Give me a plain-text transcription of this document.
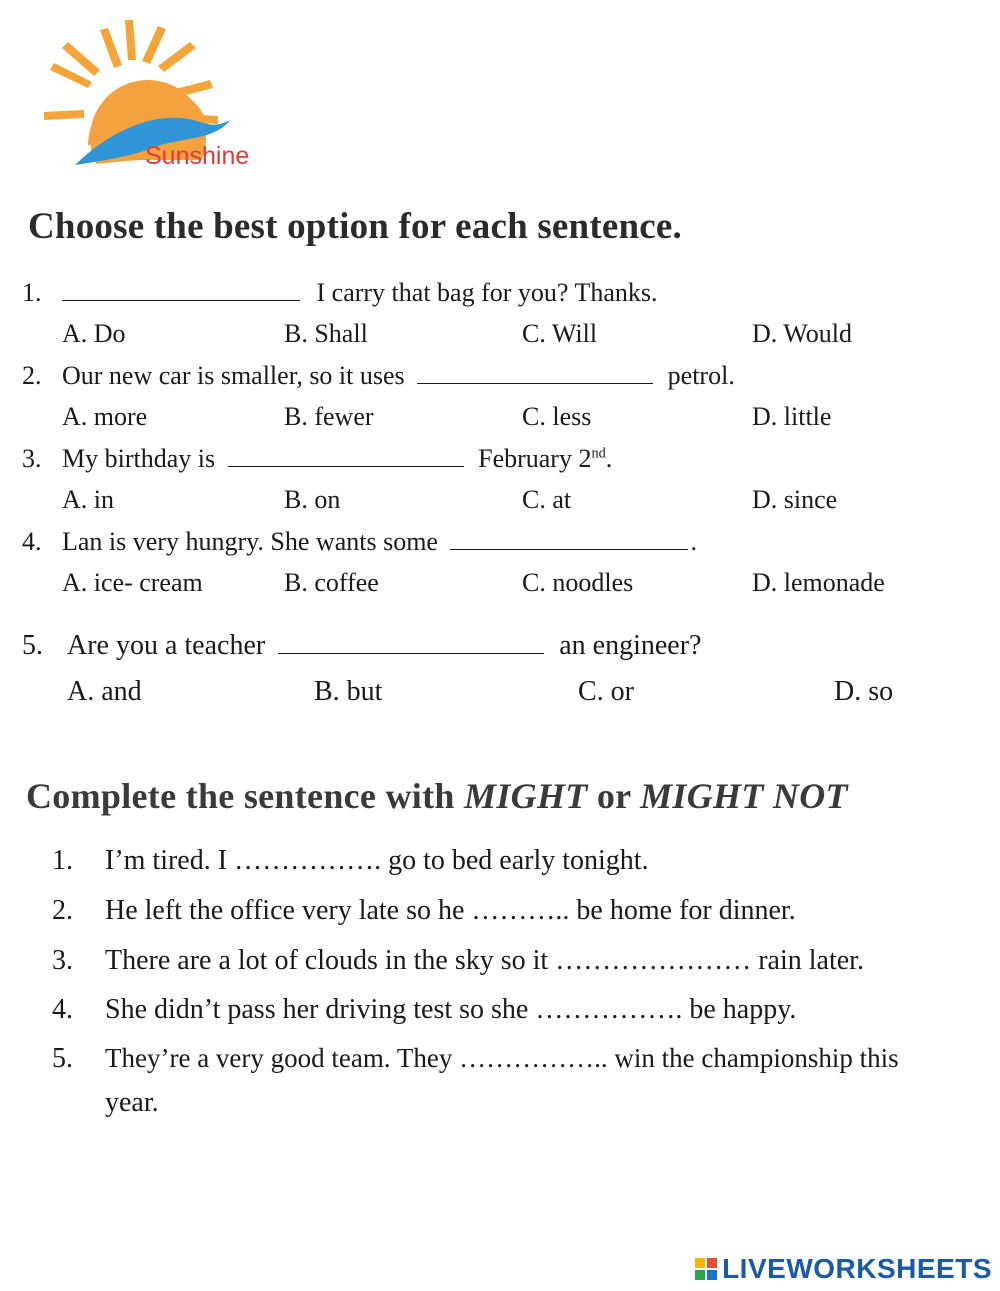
Sunshine
Choose the best option for each sentence.
1.	I carry that bag for you? Thanks.
A. Do	B. Shall	C. Will	D. Would
2. Our new car is smaller, so it uses	petrol.
A. more	B. fewer	C. less	D. little
3. My birthday is	February 2nd.
A. in	B. on	C. at	D. since
4. Lan is very hungry. She wants some	.
A. ice- cream	B. coffee	C. noodles	D. lemonade
5. Are you a teacher	an engineer?
A. and	B. but	C. or	D. so
Complete the sentence with MIGHT or MIGHT NOT
1. I’m tired. I ……………. go to bed early tonight.
2. He left the office very late so he ……….. be home for dinner.
3. There are a lot of clouds in the sky so it ………………… rain later.
4. She didn’t pass her driving test so she ……………. be happy.
5. They’re a very good team. They …………….. win the championship this
year.
LIVEWORKSHEETS
